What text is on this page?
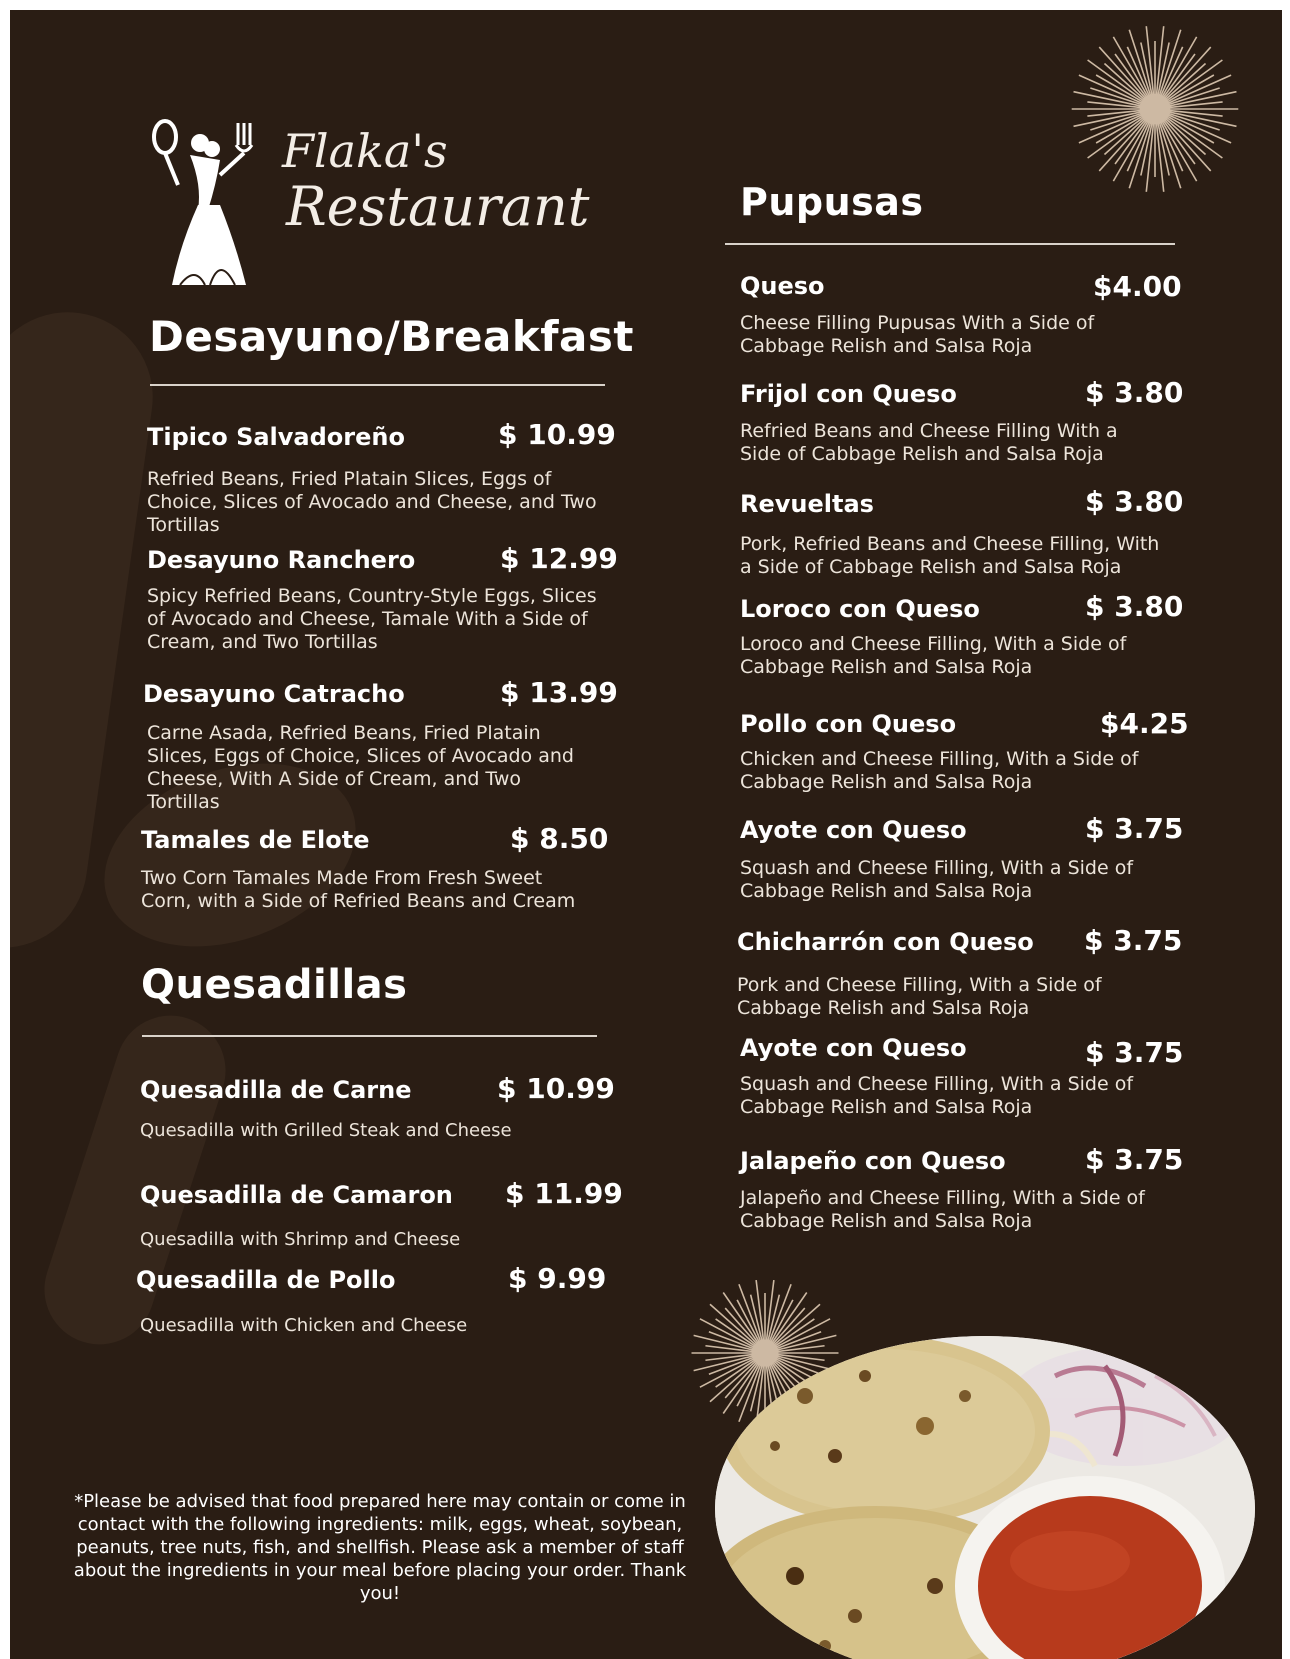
Flaka's
Restaurant
Desayuno/Breakfast
Tipico Salvadoreño	$ 10.99
Refried Beans, Fried Platain Slices, Eggs of Choice, Slices of Avocado and Cheese, and Two Tortillas
Desayuno Ranchero	$ 12.99
Spicy Refried Beans, Country-Style Eggs, Slices of Avocado and Cheese, Tamale With a Side of Cream, and Two Tortillas
Desayuno Catracho	$ 13.99
Carne Asada, Refried Beans, Fried Platain Slices, Eggs of Choice, Slices of Avocado and Cheese, With A Side of Cream, and Two Tortillas
Tamales de Elote	$ 8.50
Two Corn Tamales Made From Fresh Sweet Corn, with a Side of Refried Beans and Cream
Quesadillas
Quesadilla de Carne	$ 10.99
Quesadilla with Grilled Steak and Cheese
Quesadilla de Camaron $ 11.99
Quesadilla with Shrimp and Cheese
Quesadilla de Pollo	$ 9.99
Quesadilla with Chicken and Cheese
Pupusas
Queso	$4.00
Cheese Filling Pupusas With a Side of Cabbage Relish and Salsa Roja
Frijol con Queso	$ 3.80
Refried Beans and Cheese Filling With a Side of Cabbage Relish and Salsa Roja
Revueltas	$ 3.80
Pork, Refried Beans and Cheese Filling, With a Side of Cabbage Relish and Salsa Roja
Loroco con Queso	$ 3.80
Loroco and Cheese Filling, With a Side of Cabbage Relish and Salsa Roja
Pollo con Queso	$4.25
Chicken and Cheese Filling, With a Side of Cabbage Relish and Salsa Roja
Ayote con Queso	$ 3.75
Squash and Cheese Filling, With a Side of Cabbage Relish and Salsa Roja
Chicharrón con Queso $ 3.75
Pork and Cheese Filling, With a Side of Cabbage Relish and Salsa Roja
Ayote con Queso	$ 3.75
Squash and Cheese Filling, With a Side of Cabbage Relish and Salsa Roja
Jalapeño con Queso	$ 3.75
Jalapeño and Cheese Filling, With a Side of Cabbage Relish and Salsa Roja
*Please be advised that food prepared here may contain or come in contact with the following ingredients: milk, eggs, wheat, soybean, peanuts, tree nuts, fish, and shellfish. Please ask a member of staff about the ingredients in your meal before placing your order. Thank you!
